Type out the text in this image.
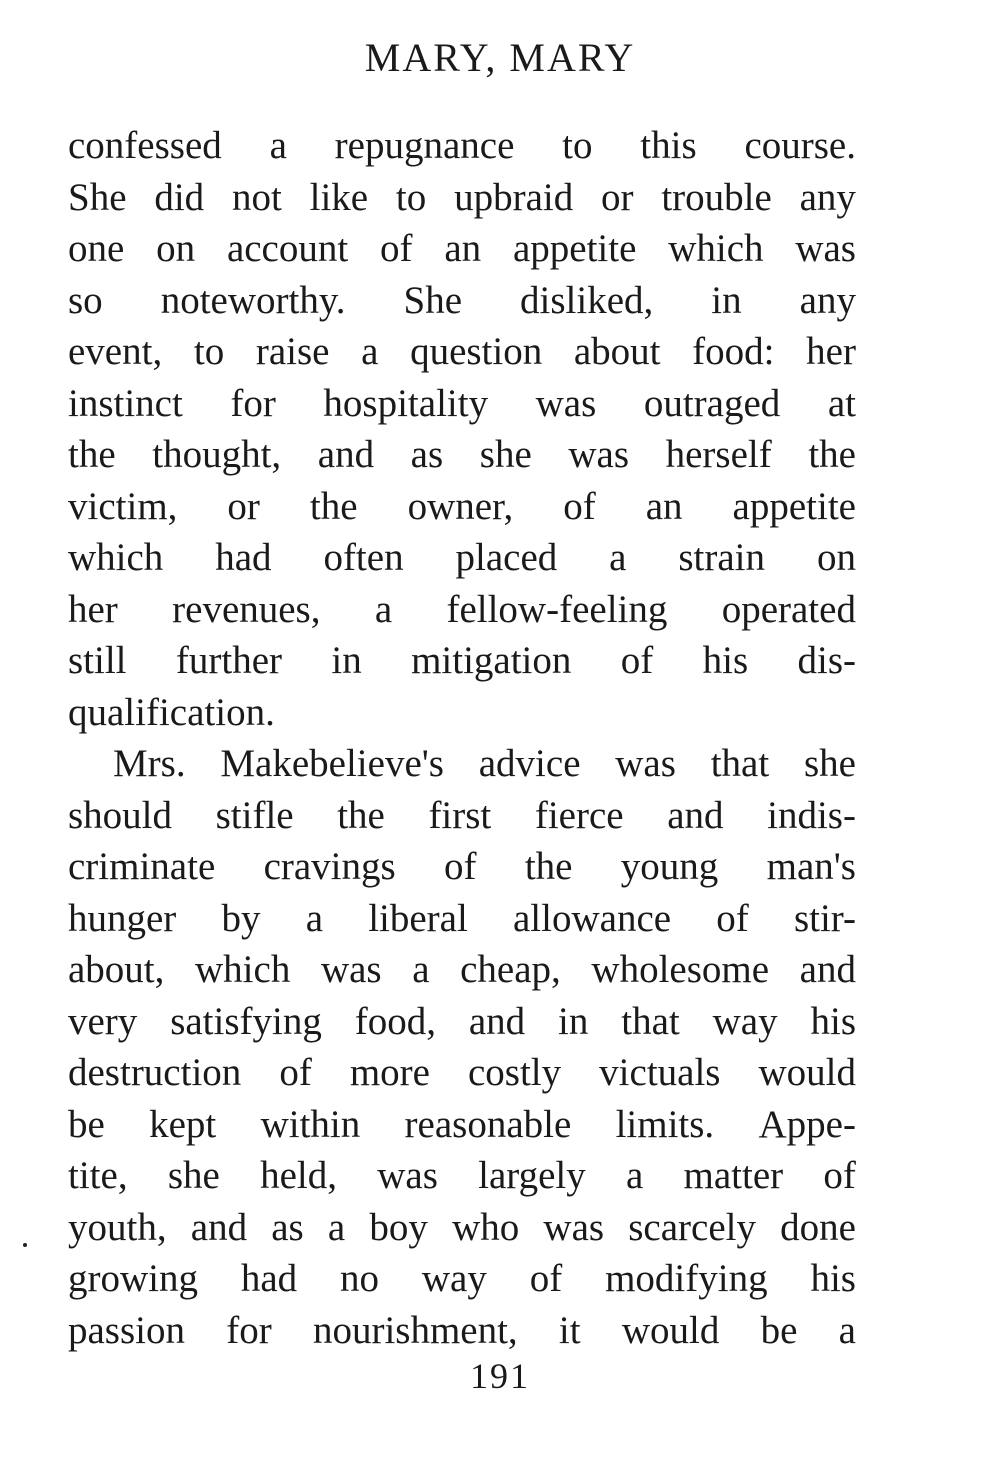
MARY, MARY
confessed a repugnance to this course.
She did not like to upbraid or trouble any
one on account of an appetite which was
so noteworthy. She disliked, in any
event, to raise a question about food: her
instinct for hospitality was outraged at
the thought, and as she was herself the
victim, or the owner, of an appetite
which had often placed a strain on
her revenues, a fellow-feeling operated
still further in mitigation of his dis-
qualification.
Mrs. Makebelieve's advice was that she
should stifle the first fierce and indis-
criminate cravings of the young man's
hunger by a liberal allowance of stir-
about, which was a cheap, wholesome and
very satisfying food, and in that way his
destruction of more costly victuals would
be kept within reasonable limits. Appe-
tite, she held, was largely a matter of
youth, and as a boy who was scarcely done
growing had no way of modifying his
passion for nourishment, it would be a
191
